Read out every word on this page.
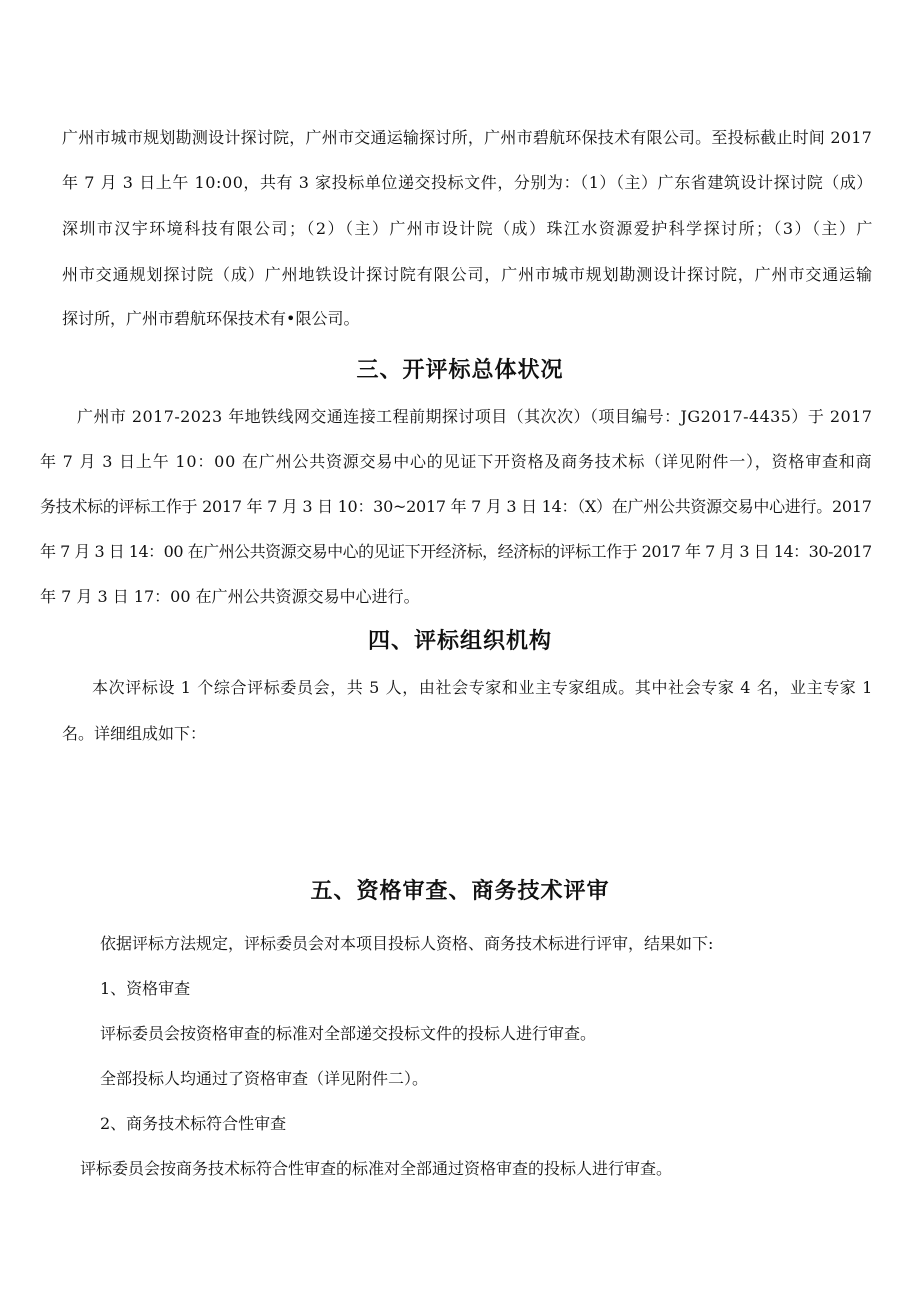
广州市城市规划勘测设计探讨院，广州市交通运输探讨所，广州市碧航环保技术有限公司。至投标截止时间 2017
年 7 月 3 日上午 10:00，共有 3 家投标单位递交投标文件，分别为：（1）（主）广东省建筑设计探讨院（成）
深圳市汉宇环境科技有限公司；（2）（主）广州市设计院（成）珠江水资源爱护科学探讨所；（3）（主）广
州市交通规划探讨院（成）广州地铁设计探讨院有限公司，广州市城市规划勘测设计探讨院，广州市交通运输
探讨所，广州市碧航环保技术有•限公司。
三、开评标总体状况
广州市 2017-2023 年地铁线网交通连接工程前期探讨项目（其次次）（项目编号：JG2017-4435）于 2017
年 7 月 3 日上午 10：00 在广州公共资源交易中心的见证下开资格及商务技术标（详见附件一），资格审查和商
务技术标的评标工作于 2017 年 7 月 3 日 10：30~2017 年 7 月 3 日 14：（X）在广州公共资源交易中心进行。2017
年 7 月 3 日 14：00 在广州公共资源交易中心的见证下开经济标，经济标的评标工作于 2017 年 7 月 3 日 14：30-2017
年 7 月 3 日 17：00 在广州公共资源交易中心进行。
四、评标组织机构
本次评标设 1 个综合评标委员会，共 5 人，由社会专家和业主专家组成。其中社会专家 4 名，业主专家 1
名。详细组成如下：
五、资格审查、商务技术评审
依据评标方法规定，评标委员会对本项目投标人资格、商务技术标进行评审，结果如下:
1、资格审查
评标委员会按资格审查的标准对全部递交投标文件的投标人进行审查。
全部投标人均通过了资格审查（详见附件二）。
2、商务技术标符合性审查
评标委员会按商务技术标符合性审查的标准对全部通过资格审查的投标人进行审查。
